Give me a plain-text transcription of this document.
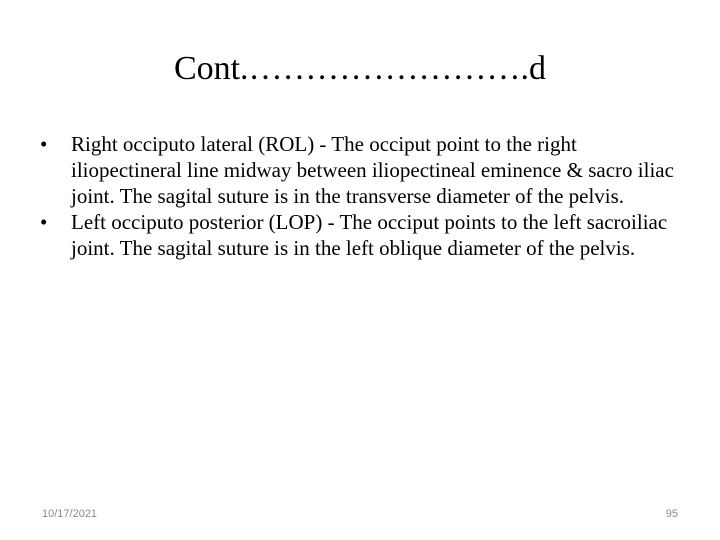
Cont.…………………….d
•	Right occiputo lateral (ROL) - The occiput point to the right iliopectineral line midway between iliopectineal eminence & sacro iliac joint. The sagital suture is in the transverse diameter of the pelvis.
•	Left occiputo posterior (LOP) - The occiput points to the left sacroiliac joint. The sagital suture is in the left oblique diameter of the pelvis.
10/17/2021	95
